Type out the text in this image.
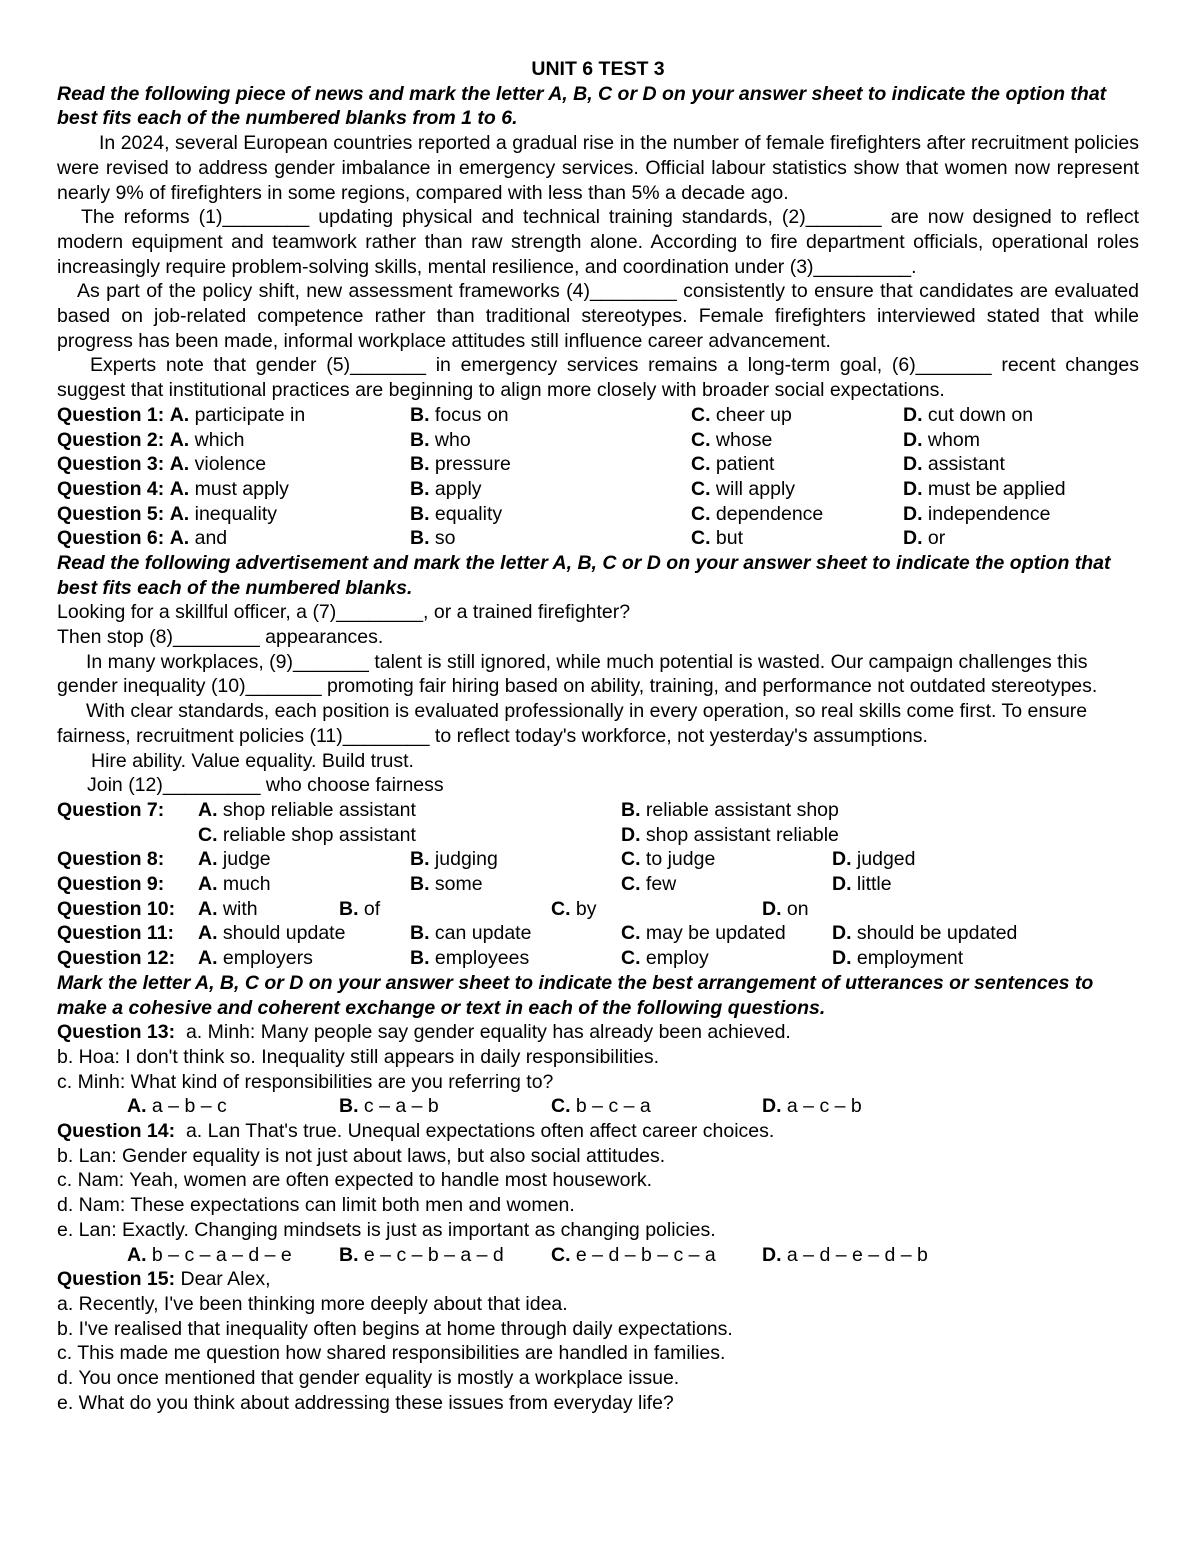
UNIT 6 TEST 3
Read the following piece of news and mark the letter A, B, C or D on your answer sheet to indicate the option that best fits each of the numbered blanks from 1 to 6.
In 2024, several European countries reported a gradual rise in the number of female firefighters after recruitment policies were revised to address gender imbalance in emergency services. Official labour statistics show that women now represent nearly 9% of firefighters in some regions, compared with less than 5% a decade ago.
The reforms (1)________ updating physical and technical training standards, (2)_______ are now designed to reflect modern equipment and teamwork rather than raw strength alone. According to fire department officials, operational roles increasingly require problem-solving skills, mental resilience, and coordination under (3)_________.
As part of the policy shift, new assessment frameworks (4)________ consistently to ensure that candidates are evaluated based on job-related competence rather than traditional stereotypes. Female firefighters interviewed stated that while progress has been made, informal workplace attitudes still influence career advancement.
Experts note that gender (5)_______ in emergency services remains a long-term goal, (6)_______ recent changes suggest that institutional practices are beginning to align more closely with broader social expectations.
Question 1: A. participate in	B. focus on	C. cheer up	D. cut down on
Question 2: A. which	B. who	C. whose	D. whom
Question 3: A. violence	B. pressure	C. patient	D. assistant
Question 4: A. must apply	B. apply	C. will apply	D. must be applied
Question 5: A. inequality	B. equality	C. dependence	D. independence
Question 6: A. and	B. so	C. but	D. or
Read the following advertisement and mark the letter A, B, C or D on your answer sheet to indicate the option that best fits each of the numbered blanks.
Looking for a skillful officer, a (7)________, or a trained firefighter?
Then stop (8)________ appearances.
In many workplaces, (9)_______ talent is still ignored, while much potential is wasted. Our campaign challenges this gender inequality (10)_______ promoting fair hiring based on ability, training, and performance not outdated stereotypes.
With clear standards, each position is evaluated professionally in every operation, so real skills come first. To ensure fairness, recruitment policies (11)________ to reflect today's workforce, not yesterday's assumptions.
Hire ability. Value equality. Build trust.
Join (12)_________ who choose fairness
Question 7: A. shop reliable assistant	B. reliable assistant shop
C. reliable shop assistant	D. shop assistant reliable
Question 8: A. judge	B. judging	C. to judge	D. judged
Question 9: A. much	B. some	C. few	D. little
Question 10: A. with	B. of	C. by	D. on
Question 11: A. should update	B. can update	C. may be updated D. should be updated
Question 12: A. employers	B. employees	C. employ	D. employment
Mark the letter A, B, C or D on your answer sheet to indicate the best arrangement of utterances or sentences to make a cohesive and coherent exchange or text in each of the following questions.
Question 13: a. Minh: Many people say gender equality has already been achieved.
b. Hoa: I don't think so. Inequality still appears in daily responsibilities.
c. Minh: What kind of responsibilities are you referring to?
A. a – b – c	B. c – a – b	C. b – c – a	D. a – c – b
Question 14: a. Lan That's true. Unequal expectations often affect career choices.
b. Lan: Gender equality is not just about laws, but also social attitudes.
c. Nam: Yeah, women are often expected to handle most housework.
d. Nam: These expectations can limit both men and women.
e. Lan: Exactly. Changing mindsets is just as important as changing policies.
A. b – c – a – d – e B. e – c – b – a – d C. e – d – b – c – a D. a – d – e – d – b
Question 15: Dear Alex,
a. Recently, I've been thinking more deeply about that idea.
b. I've realised that inequality often begins at home through daily expectations.
c. This made me question how shared responsibilities are handled in families.
d. You once mentioned that gender equality is mostly a workplace issue.
e. What do you think about addressing these issues from everyday life?
